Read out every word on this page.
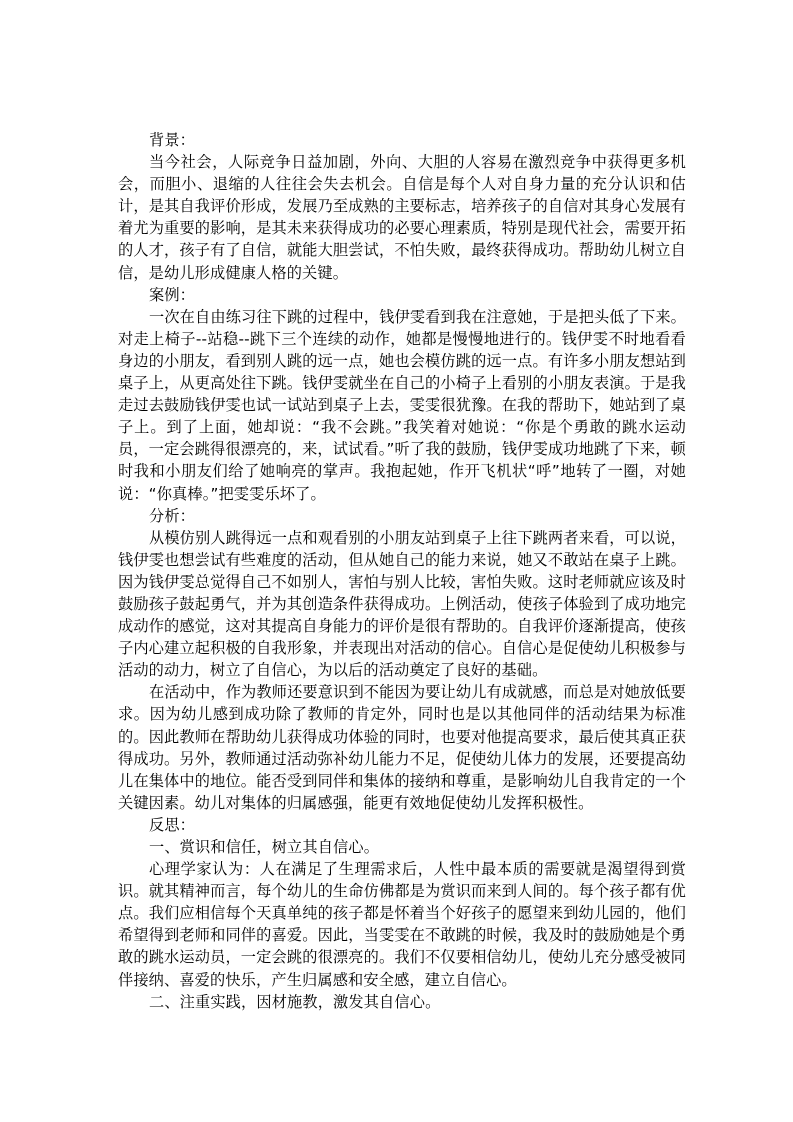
背景：

当今社会，人际竞争日益加剧，外向、大胆的人容易在激烈竞争中获得更多机会，而胆小、退缩的人往往会失去机会。自信是每个人对自身力量的充分认识和估计，是其自我评价形成，发展乃至成熟的主要标志，培养孩子的自信对其身心发展有着尤为重要的影响，是其未来获得成功的必要心理素质，特别是现代社会，需要开拓的人才，孩子有了自信，就能大胆尝试，不怕失败，最终获得成功。帮助幼儿树立自信，是幼儿形成健康人格的关键。

案例：

一次在自由练习往下跳的过程中，钱伊雯看到我在注意她，于是把头低了下来。对走上椅子--站稳--跳下三个连续的动作，她都是慢慢地进行的。钱伊雯不时地看看身边的小朋友，看到别人跳的远一点，她也会模仿跳的远一点。有许多小朋友想站到桌子上，从更高处往下跳。钱伊雯就坐在自己的小椅子上看别的小朋友表演。于是我走过去鼓励钱伊雯也试一试站到桌子上去，雯雯很犹豫。在我的帮助下，她站到了桌子上。到了上面，她却说：“我不会跳。”我笑着对她说：“你是个勇敢的跳水运动员，一定会跳得很漂亮的，来，试试看。”听了我的鼓励，钱伊雯成功地跳了下来，顿时我和小朋友们给了她响亮的掌声。我抱起她，作开飞机状“呼”地转了一圈，对她说：“你真棒。”把雯雯乐坏了。

分析：

从模仿别人跳得远一点和观看别的小朋友站到桌子上往下跳两者来看，可以说，钱伊雯也想尝试有些难度的活动，但从她自己的能力来说，她又不敢站在桌子上跳。因为钱伊雯总觉得自己不如别人，害怕与别人比较，害怕失败。这时老师就应该及时鼓励孩子鼓起勇气，并为其创造条件获得成功。上例活动，使孩子体验到了成功地完成动作的感觉，这对其提高自身能力的评价是很有帮助的。自我评价逐渐提高，使孩子内心建立起积极的自我形象，并表现出对活动的信心。自信心是促使幼儿积极参与活动的动力，树立了自信心，为以后的活动奠定了良好的基础。

在活动中，作为教师还要意识到不能因为要让幼儿有成就感，而总是对她放低要求。因为幼儿感到成功除了教师的肯定外，同时也是以其他同伴的活动结果为标准的。因此教师在帮助幼儿获得成功体验的同时，也要对他提高要求，最后使其真正获得成功。另外，教师通过活动弥补幼儿能力不足，促使幼儿体力的发展，还要提高幼儿在集体中的地位。能否受到同伴和集体的接纳和尊重，是影响幼儿自我肯定的一个关键因素。幼儿对集体的归属感强，能更有效地促使幼儿发挥积极性。

反思：

一、赏识和信任，树立其自信心。

心理学家认为：人在满足了生理需求后，人性中最本质的需要就是渴望得到赏识。就其精神而言，每个幼儿的生命仿佛都是为赏识而来到人间的。每个孩子都有优点。我们应相信每个天真单纯的孩子都是怀着当个好孩子的愿望来到幼儿园的，他们希望得到老师和同伴的喜爱。因此，当雯雯在不敢跳的时候，我及时的鼓励她是个勇敢的跳水运动员，一定会跳的很漂亮的。我们不仅要相信幼儿，使幼儿充分感受被同伴接纳、喜爱的快乐，产生归属感和安全感，建立自信心。

二、注重实践，因材施教，激发其自信心。
